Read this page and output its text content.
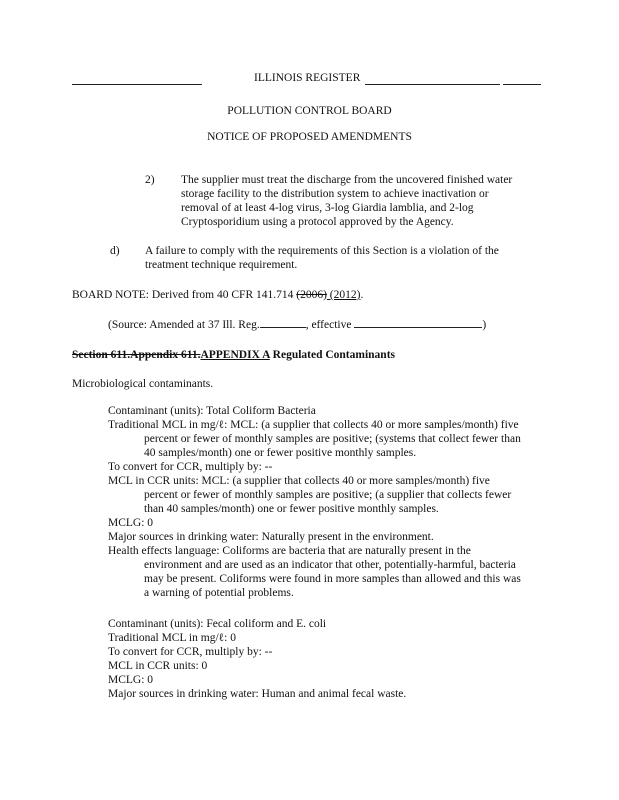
ILLINOIS REGISTER
POLLUTION CONTROL BOARD
NOTICE OF PROPOSED AMENDMENTS
2) The supplier must treat the discharge from the uncovered finished water
storage facility to the distribution system to achieve inactivation or
removal of at least 4-log virus, 3-log Giardia lamblia, and 2-log
Cryptosporidium using a protocol approved by the Agency.
d) A failure to comply with the requirements of this Section is a violation of the
treatment technique requirement.
BOARD NOTE: Derived from 40 CFR 141.714 (2006) (2012).
(Source: Amended at 37 Ill. Reg.	, effective	)
Section 611.Appendix 611.APPENDIX A Regulated Contaminants
Microbiological contaminants.
Contaminant (units): Total Coliform Bacteria
Traditional MCL in mg/ℓ: MCL: (a supplier that collects 40 or more samples/month) five
percent or fewer of monthly samples are positive; (systems that collect fewer than
40 samples/month) one or fewer positive monthly samples.
To convert for CCR, multiply by: --
MCL in CCR units: MCL: (a supplier that collects 40 or more samples/month) five
percent or fewer of monthly samples are positive; (a supplier that collects fewer
than 40 samples/month) one or fewer positive monthly samples.
MCLG: 0
Major sources in drinking water: Naturally present in the environment.
Health effects language: Coliforms are bacteria that are naturally present in the
environment and are used as an indicator that other, potentially-harmful, bacteria
may be present. Coliforms were found in more samples than allowed and this was
a warning of potential problems.
Contaminant (units): Fecal coliform and E. coli
Traditional MCL in mg/ℓ: 0
To convert for CCR, multiply by: --
MCL in CCR units: 0
MCLG: 0
Major sources in drinking water: Human and animal fecal waste.
